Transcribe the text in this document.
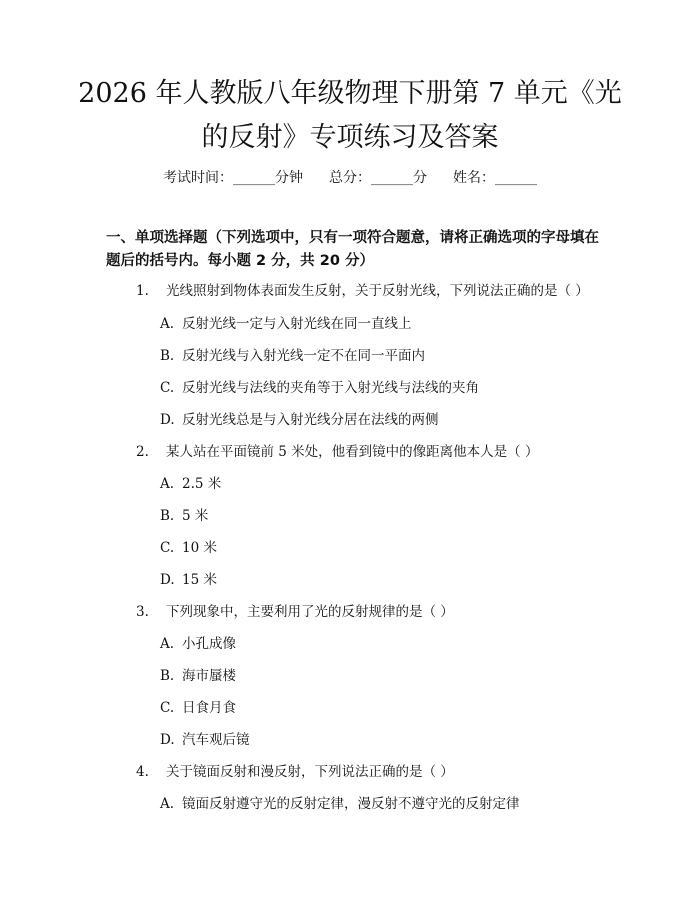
2026 年人教版八年级物理下册第 7 单元《光
的反射》专项练习及答案
考试时间：______分钟 总分：______分 姓名：______

一、单项选择题（下列选项中，只有一项符合题意，请将正确选项的字母填在题后的括号内。每小题 2 分，共 20 分）

1. 光线照射到物体表面发生反射，关于反射光线，下列说法正确的是（ ）
A. 反射光线一定与入射光线在同一直线上
B. 反射光线与入射光线一定不在同一平面内
C. 反射光线与法线的夹角等于入射光线与法线的夹角
D. 反射光线总是与入射光线分居在法线的两侧
2. 某人站在平面镜前 5 米处，他看到镜中的像距离他本人是（ ）
A. 2.5 米
B. 5 米
C. 10 米
D. 15 米
3. 下列现象中，主要利用了光的反射规律的是（ ）
A. 小孔成像
B. 海市蜃楼
C. 日食月食
D. 汽车观后镜
4. 关于镜面反射和漫反射，下列说法正确的是（ ）
A. 镜面反射遵守光的反射定律，漫反射不遵守光的反射定律
